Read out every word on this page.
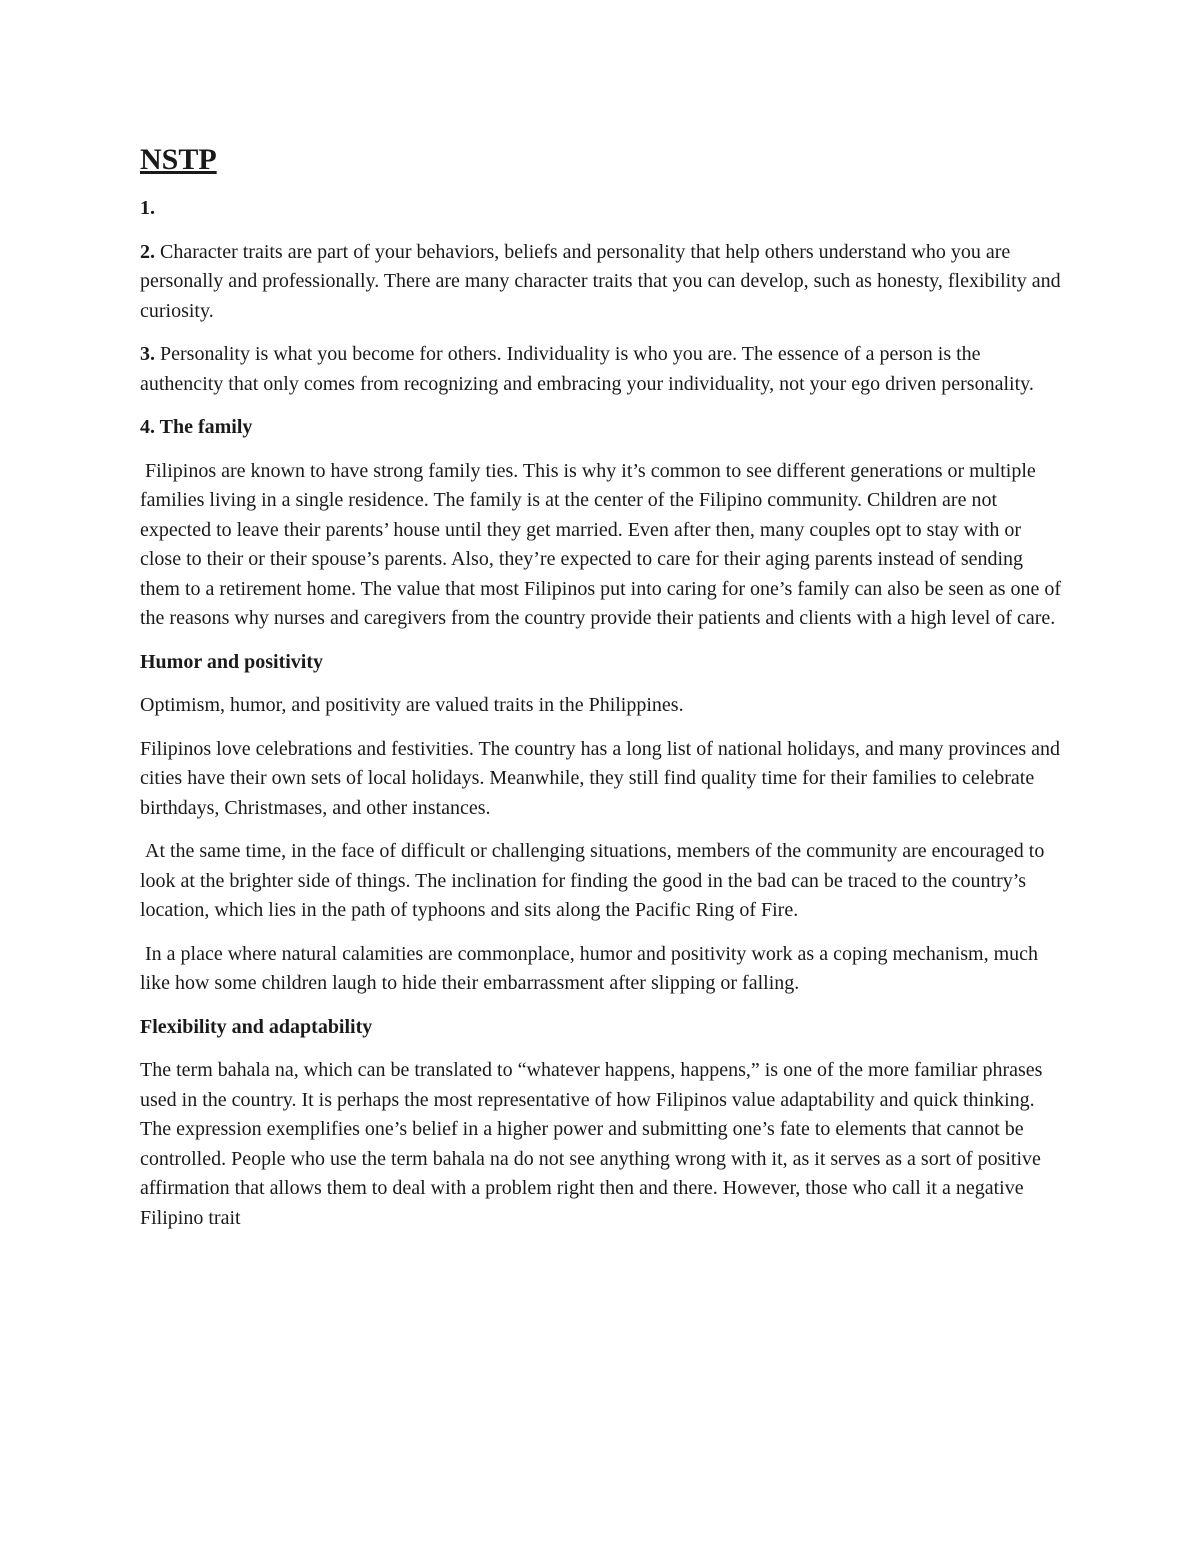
NSTP

1.

2. Character traits are part of your behaviors, beliefs and personality that help others understand who you are personally and professionally. There are many character traits that you can develop, such as honesty, flexibility and curiosity.

3. Personality is what you become for others. Individuality is who you are. The essence of a person is the authencity that only comes from recognizing and embracing your individuality, not your ego driven personality.

4. The family

Filipinos are known to have strong family ties. This is why it’s common to see different generations or multiple families living in a single residence. The family is at the center of the Filipino community. Children are not expected to leave their parents’ house until they get married. Even after then, many couples opt to stay with or close to their or their spouse’s parents. Also, they’re expected to care for their aging parents instead of sending them to a retirement home. The value that most Filipinos put into caring for one’s family can also be seen as one of the reasons why nurses and caregivers from the country provide their patients and clients with a high level of care.

Humor and positivity

Optimism, humor, and positivity are valued traits in the Philippines.

Filipinos love celebrations and festivities. The country has a long list of national holidays, and many provinces and cities have their own sets of local holidays. Meanwhile, they still find quality time for their families to celebrate birthdays, Christmases, and other instances.

At the same time, in the face of difficult or challenging situations, members of the community are encouraged to look at the brighter side of things. The inclination for finding the good in the bad can be traced to the country’s location, which lies in the path of typhoons and sits along the Pacific Ring of Fire.

In a place where natural calamities are commonplace, humor and positivity work as a coping mechanism, much like how some children laugh to hide their embarrassment after slipping or falling.

Flexibility and adaptability

The term bahala na, which can be translated to “whatever happens, happens,” is one of the more familiar phrases used in the country. It is perhaps the most representative of how Filipinos value adaptability and quick thinking. The expression exemplifies one’s belief in a higher power and submitting one’s fate to elements that cannot be controlled. People who use the term bahala na do not see anything wrong with it, as it serves as a sort of positive affirmation that allows them to deal with a problem right then and there. However, those who call it a negative Filipino trait
